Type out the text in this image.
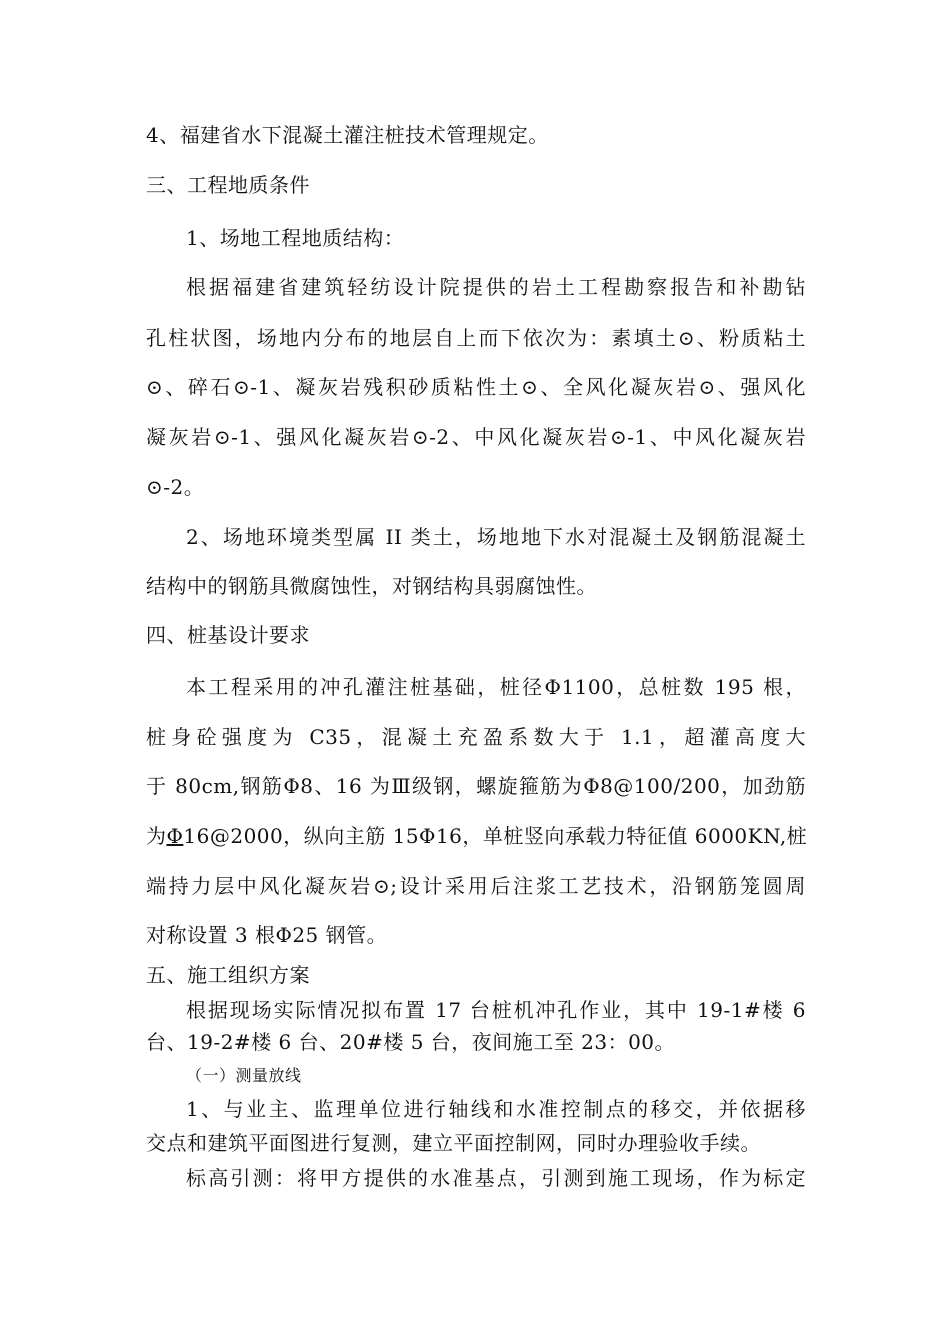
4、福建省水下混凝土灌注桩技术管理规定。
三、工程地质条件
1、场地工程地质结构：
根据福建省建筑轻纺设计院提供的岩土工程勘察报告和补勘钻
孔柱状图，场地内分布的地层自上而下依次为：素填土⊙、粉质粘土
⊙、碎石⊙-1、凝灰岩残积砂质粘性土⊙、全风化凝灰岩⊙、强风化
凝灰岩⊙-1、强风化凝灰岩⊙-2、中风化凝灰岩⊙-1、中风化凝灰岩
⊙-2。
2、场地环境类型属 II 类土，场地地下水对混凝土及钢筋混凝土
结构中的钢筋具微腐蚀性，对钢结构具弱腐蚀性。
四、桩基设计要求
本工程采用的冲孔灌注桩基础，桩径Φ1100，总桩数 195 根，
桩身砼强度为 C35，混凝土充盈系数大于 1.1，超灌高度大
于 80cm,钢筋Φ8、16 为Ⅲ级钢，螺旋箍筋为Φ8@100/200，加劲筋
为 Φ 16@2000，纵向主筋 15Φ16，单桩竖向承载力特征值 6000KN,桩
端持力层中风化凝灰岩⊙;设计采用后注浆工艺技术，沿钢筋笼圆周
对称设置 3 根Φ25 钢管。
五、施工组织方案
根据现场实际情况拟布置 17 台桩机冲孔作业，其中 19-1#楼 6
台、19-2#楼 6 台、20#楼 5 台，夜间施工至 23：00。
（一）测量放线
1、与业主、监理单位进行轴线和水准控制点的移交，并依据移
交点和建筑平面图进行复测，建立平面控制网，同时办理验收手续。
标高引测：将甲方提供的水准基点，引测到施工现场，作为标定
